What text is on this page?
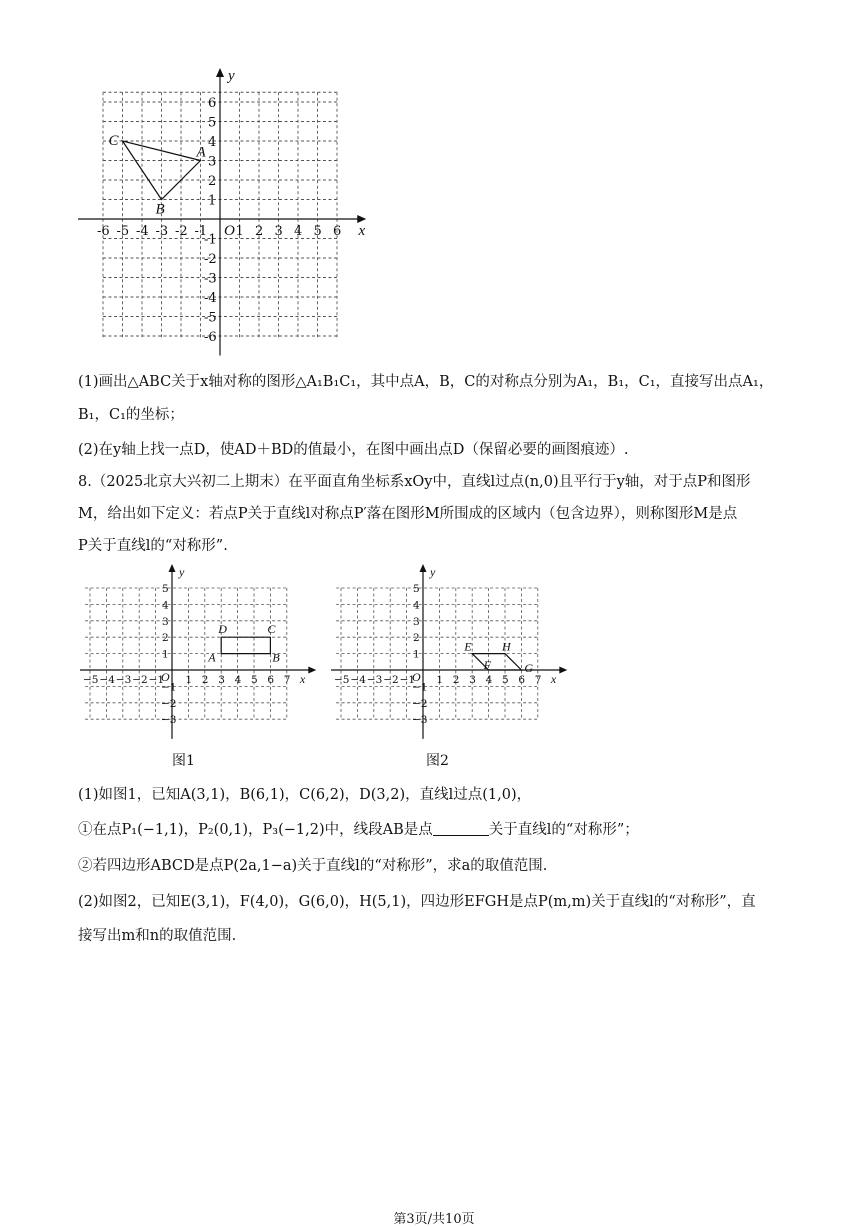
x
y
O
-6 -5 -4 -3 -2 -1 1 2 3 4 5 6
6
5
4
3
2
1
-1
-2
-3
-4
-5
-6
A
B
C
(1)画出△ABC关于x轴对称的图形△A₁B₁C₁，其中点A，B，C的对称点分别为A₁，B₁，C₁，直接写出点A₁，
B₁，C₁的坐标；
(2)在y轴上找一点D，使AD＋BD的值最小，在图中画出点D（保留必要的画图痕迹）.
8.（2025北京大兴初二上期末）在平面直角坐标系xOy中，直线l过点(n,0)且平行于y轴，对于点P和图形
M，给出如下定义：若点P关于直线l对称点P′落在图形M所围成的区域内（包含边界），则称图形M是点
P关于直线l的“对称形”.
x
y
O
−5 −4 −3 −2 −1 1 2 3 4 5 6 7
5
4
3
2
1
−1
−2
−3
A	B
C
D
x
y
O
−5 −4 −3 −2 −1 1 2 3 4 5 6 7
5
4
3
2
1
−1
−2
−3
E
F	G
H
图1	图2
(1)如图1，已知A(3,1)，B(6,1)，C(6,2)，D(3,2)，直线l过点(1,0)，
①在点P₁(−1,1)，P₂(0,1)，P₃(−1,2)中，线段AB是点	关于直线l的“对称形”；
②若四边形ABCD是点P(2a,1−a)关于直线l的“对称形”，求a的取值范围.
(2)如图2，已知E(3,1)，F(4,0)，G(6,0)，H(5,1)，四边形EFGH是点P(m,m)关于直线l的“对称形”，直
接写出m和n的取值范围.
第3页/共10页
